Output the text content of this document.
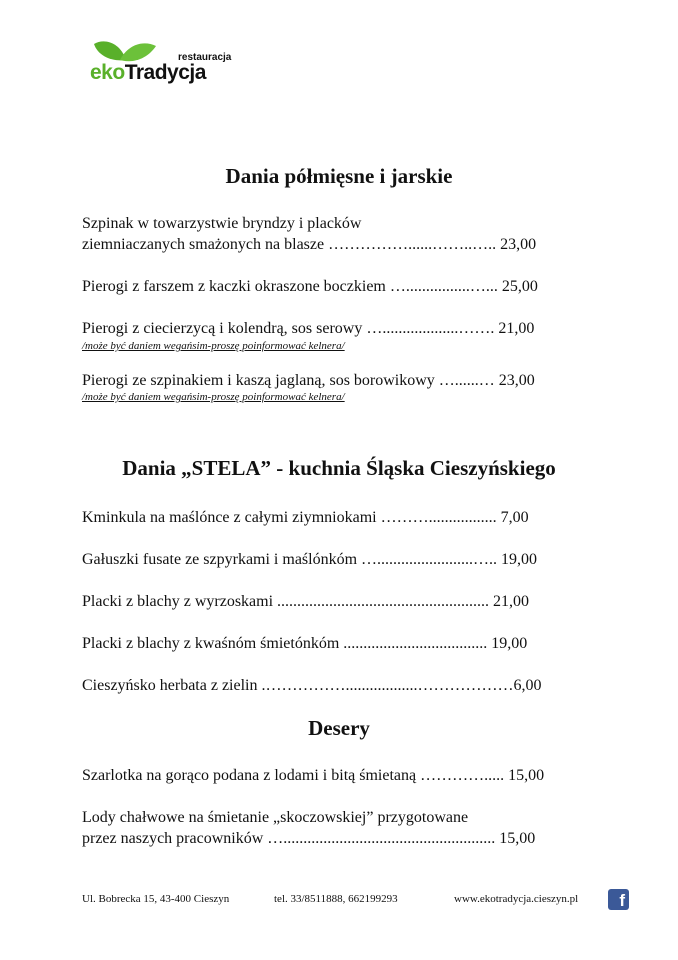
restauracja
ekoTradycja
Dania półmięsne i jarskie

Szpinak w towarzystwie bryndzy i placków

ziemniaczanych smażonych na blasze ……………......……..….. 23,00

Pierogi z farszem z kaczki okraszone boczkiem …................…... 25,00

Pierogi z ciecierzycą i kolendrą, sos serowy …...................……. 21,00

/może być daniem wegańsim-proszę poinformować kelnera/

Pierogi ze szpinakiem i kaszą jaglaną, sos borowikowy …......… 23,00

/może być daniem wegańsim-proszę poinformować kelnera/

Dania „STELA” - kuchnia Śląska Cieszyńskiego

Kminkula na maślónce z całymi ziymniokami ………................. 7,00

Gałuszki fusate ze szpyrkami i maślónkóm …........................….. 19,00

Placki z blachy z wyrzoskami ..................................................... 21,00

Placki z blachy z kwaśnóm śmietónkóm .................................... 19,00

Cieszyńsko herbata z zielin .……………..................………………6,00

Desery

Szarlotka na gorąco podana z lodami i bitą śmietaną …………..... 15,00

Lody chałwowe na śmietanie „skoczowskiej” przygotowane

przez naszych pracowników …..................................................... 15,00

Ul. Bobrecka 15, 43-400 Cieszyn	tel. 33/8511888, 662199293	www.ekotradycja.cieszyn.pl	f
